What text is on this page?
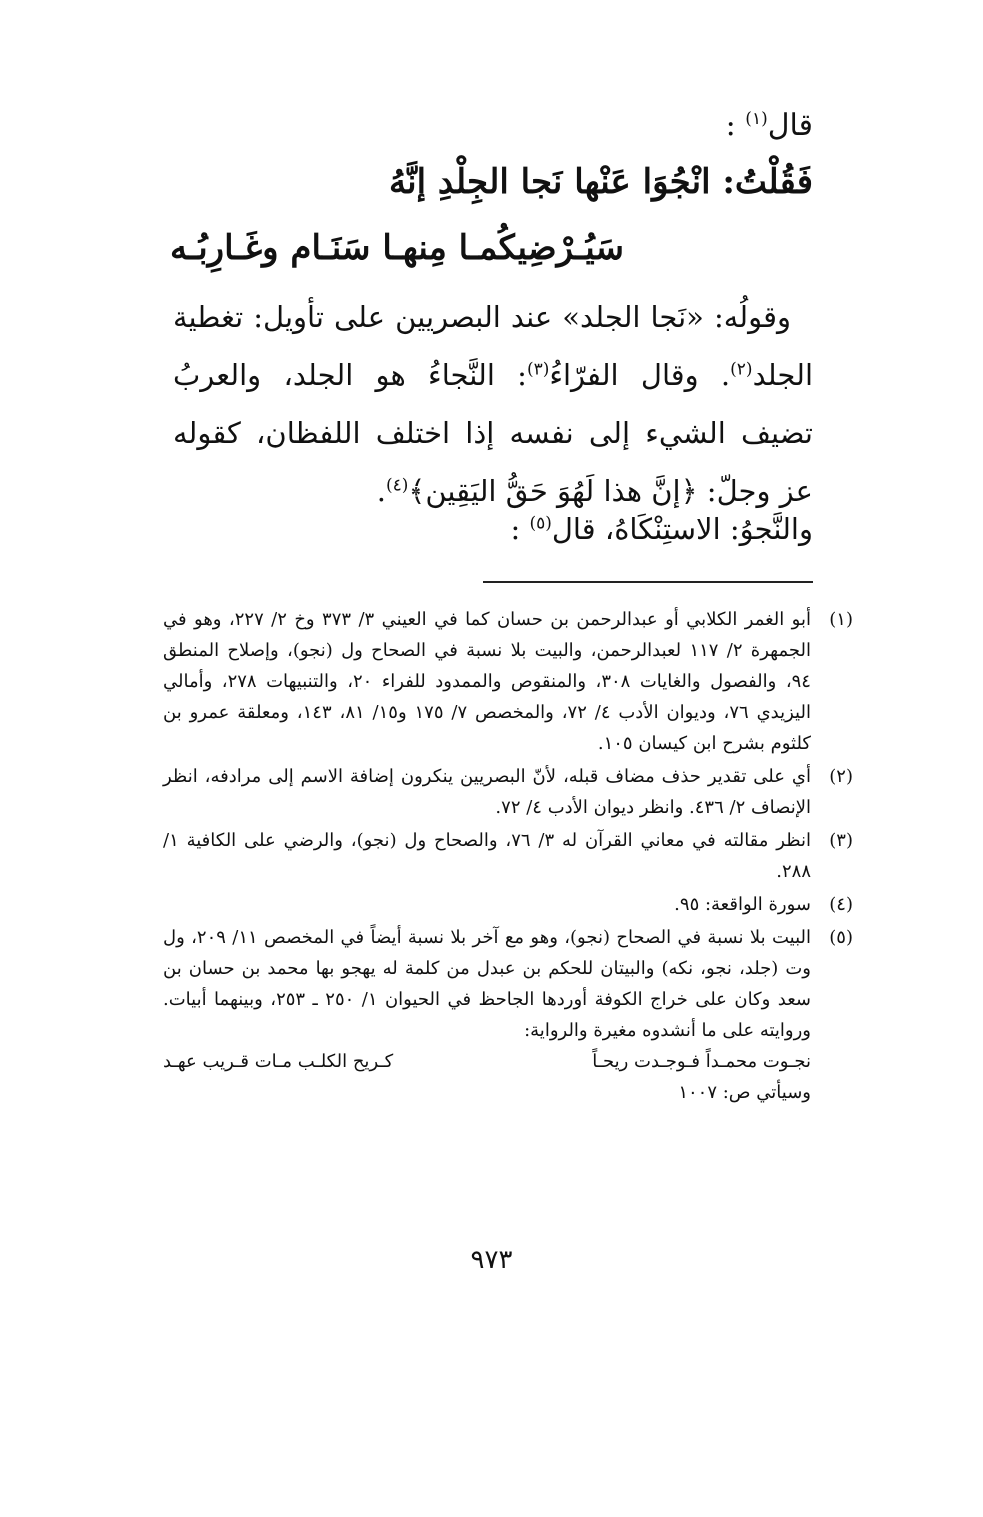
قال$^{(١)}$ :
فَقُلْتُ: انْجُوَا عَنْها نَجا الجِلْدِ إنَّهُ
سَيُـرْضِيكُمـا مِنهـا سَنَـام وغَـارِبُـه
وقولُه: «نَجا الجلد» عند البصريين على تأويل: تغطية الجلد$^{(٢)}$. وقال الفرّاءُ$^{(٣)}$: النَّجاءُ هو الجلد، والعربُ تضيف الشيء إلى نفسه إذا اختلف اللفظان، كقوله عز وجلّ: ﴿إنَّ هذا لَهُوَ حَقُّ اليَقِين﴾$^{(٤)}$.
والنَّجوُ: الاستِنْكَاهُ، قال$^{(٥)}$ :
(١)
أبو الغمر الكلابي أو عبدالرحمن بن حسان كما في العيني ٣/ ٣٧٣ وخ ٢/ ٢٢٧، وهو في الجمهرة ٢/ ١١٧ لعبدالرحمن، والبيت بلا نسبة في الصحاح ول (نجو)، وإصلاح المنطق ٩٤، والفصول والغايات ٣٠٨، والمنقوص والممدود للفراء ٢٠، والتنبيهات ٢٧٨، وأمالي اليزيدي ٧٦، وديوان الأدب ٤/ ٧٢، والمخصص ٧/ ١٧٥ و١٥/ ٨١، ١٤٣، ومعلقة عمرو بن كلثوم بشرح ابن كيسان ١٠٥.
(٢)
أي على تقدير حذف مضاف قبله، لأنّ البصريين ينكرون إضافة الاسم إلى مرادفه، انظر الإنصاف ٢/ ٤٣٦. وانظر ديوان الأدب ٤/ ٧٢.
(٣)
انظر مقالته في معاني القرآن له ٣/ ٧٦، والصحاح ول (نجو)، والرضي على الكافية ١/ ٢٨٨.
(٤)
سورة الواقعة: ٩٥.
(٥)
البيت بلا نسبة في الصحاح (نجو)، وهو مع آخر بلا نسبة أيضاً في المخصص ١١/ ٢٠٩، ول وت (جلد، نجو، نكه) والبيتان للحكم بن عبدل من كلمة له يهجو بها محمد بن حسان بن سعد وكان على خراج الكوفة أوردها الجاحظ في الحيوان ١/ ٢٥٠ ـ ٢٥٣، وبينهما أبيات. وروايته على ما أنشدوه مغيرة والرواية:
نجـوت محمـداً فـوجـدت ريحـاً
كـريح الكلـب مـات قـريب عهـد
وسيأتي ص: ١٠٠٧
٩٧٣
